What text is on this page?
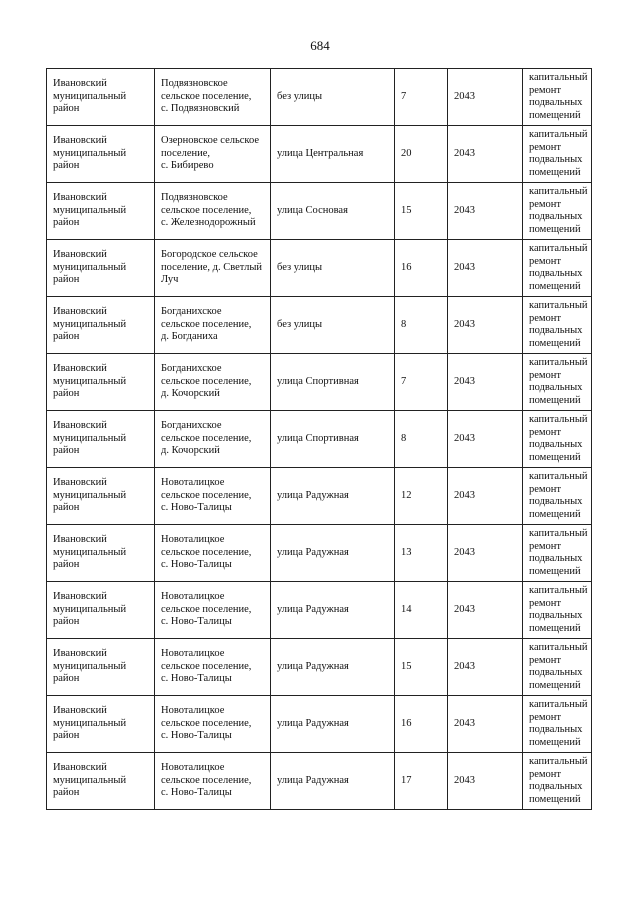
684
Ивановский
муниципальный
район	Подвязновское
сельское поселение,
с. Подвязновский	без улицы	7	2043	капитальный
ремонт
подвальных
помещений
Ивановский
муниципальный
район	Озерновское сельское
поселение,
с. Бибирево	улица Центральная	20	2043	капитальный
ремонт
подвальных
помещений
Ивановский
муниципальный
район	Подвязновское
сельское поселение,
с. Железнодорожный	улица Сосновая	15	2043	капитальный
ремонт
подвальных
помещений
Ивановский
муниципальный
район	Богородское сельское
поселение, д. Светлый
Луч	без улицы	16	2043	капитальный
ремонт
подвальных
помещений
Ивановский
муниципальный
район	Богданихское
сельское поселение,
д. Богданиха	без улицы	8	2043	капитальный
ремонт
подвальных
помещений
Ивановский
муниципальный
район	Богданихское
сельское поселение,
д. Кочорский	улица Спортивная	7	2043	капитальный
ремонт
подвальных
помещений
Ивановский
муниципальный
район	Богданихское
сельское поселение,
д. Кочорский	улица Спортивная	8	2043	капитальный
ремонт
подвальных
помещений
Ивановский
муниципальный
район	Новоталицкое
сельское поселение,
с. Ново-Талицы	улица Радужная	12	2043	капитальный
ремонт
подвальных
помещений
Ивановский
муниципальный
район	Новоталицкое
сельское поселение,
с. Ново-Талицы	улица Радужная	13	2043	капитальный
ремонт
подвальных
помещений
Ивановский
муниципальный
район	Новоталицкое
сельское поселение,
с. Ново-Талицы	улица Радужная	14	2043	капитальный
ремонт
подвальных
помещений
Ивановский
муниципальный
район	Новоталицкое
сельское поселение,
с. Ново-Талицы	улица Радужная	15	2043	капитальный
ремонт
подвальных
помещений
Ивановский
муниципальный
район	Новоталицкое
сельское поселение,
с. Ново-Талицы	улица Радужная	16	2043	капитальный
ремонт
подвальных
помещений
Ивановский
муниципальный
район	Новоталицкое
сельское поселение,
с. Ново-Талицы	улица Радужная	17	2043	капитальный
ремонт
подвальных
помещений
